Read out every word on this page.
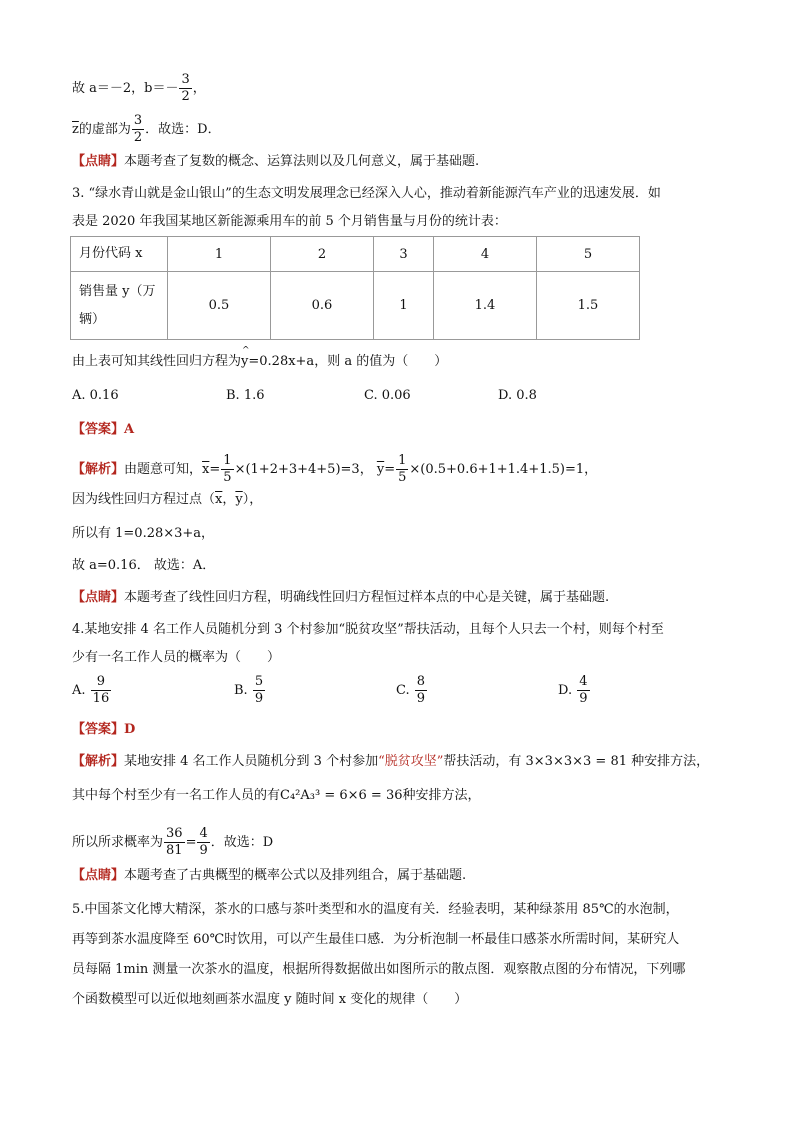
故 a＝－2，$b=- \frac{3}{2}$ ，
$\overline{z}$的虚部为 $\frac{3}{2}$ ．故选：D．
【点睛】本题考查了复数的概念、运算法则以及几何意义，属于基础题.
3. “绿水青山就是金山银山”的生态文明发展理念已经深入人心，推动着新能源汽车产业的迅速发展．如
表是 2020 年我国某地区新能源乘用车的前 5 个月销售量与月份的统计表：
月份代码 x	1	2	3	4	5
销售量 y（万
辆）	0.5	0.6	1	1.4	1.5
由上表可知其线性回归方程为^ y=0.28x+a，则 a 的值为（　　）
A. 0.16	B. 1.6	C. 0.06	D. 0.8
【答案】A
【解析】由题意可知，$\overline{x}= \frac{1}{5} \times(1+2+3+4+5)=3$， $\overline{y}= \frac{1}{5} \times(0.5+0.6+1+1.4+1.5)=1$，
因为线性回归方程过点（$\overline{x}$，$\overline{y}$），
所以有 1=0.28×3+a，
故 a=0.16． 故选：A．
【点睛】本题考查了线性回归方程，明确线性回归方程恒过样本点的中心是关键，属于基础题.
4.某地安排 4 名工作人员随机分到 3 个村参加“脱贫攻坚”帮扶活动，且每个人只去一个村，则每个村至
少有一名工作人员的概率为（　　）
A. $\frac{9}{16}$	B. $\frac{5}{9}$	C. $\frac{8}{9}$	D. $\frac{4}{9}$
【答案】D
【解析】某地安排 4 名工作人员随机分到 3 个村参加“脱贫攻坚”帮扶活动，有 3×3×3×3 = 81 种安排方法，
其中每个村至少有一名工作人员的有C₄²A₃³ = 6×6 = 36种安排方法，
所以所求概率为 $\frac{36}{81} = \frac{4}{9}$ ．故选：D
【点睛】本题考查了古典概型的概率公式以及排列组合，属于基础题.
5.中国茶文化博大精深，茶水的口感与茶叶类型和水的温度有关．经验表明，某种绿茶用 85℃的水泡制，
再等到茶水温度降至 60℃时饮用，可以产生最佳口感．为分析泡制一杯最佳口感茶水所需时间，某研究人
员每隔 1min 测量一次茶水的温度，根据所得数据做出如图所示的散点图．观察散点图的分布情况，下列哪
个函数模型可以近似地刻画茶水温度 y 随时间 x 变化的规律（　　）
